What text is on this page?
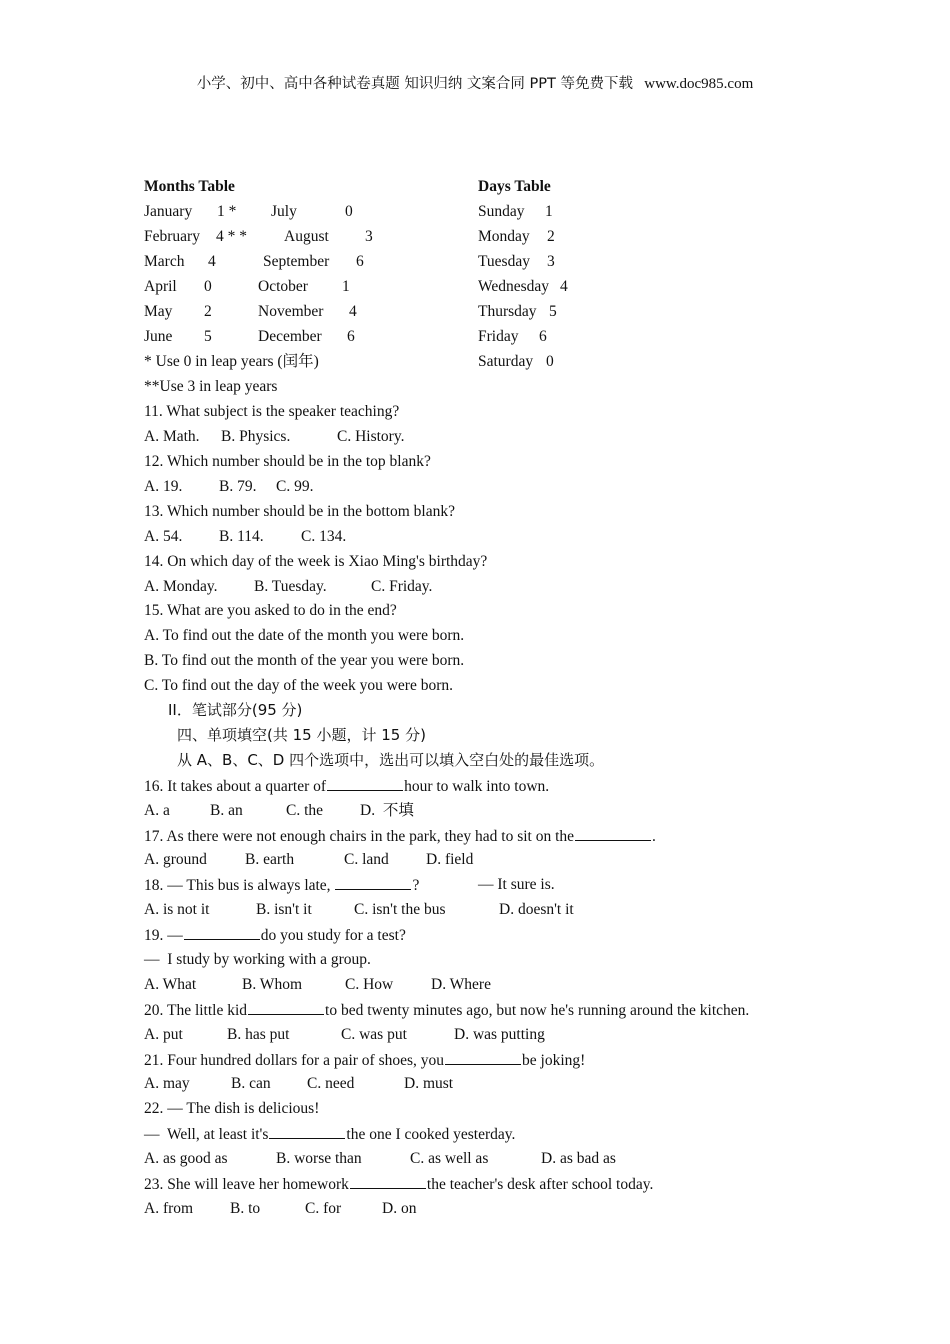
小学、初中、高中各种试卷真题 知识归纳 文案合同 PPT 等免费下载 www.doc985.com
Months Table
January 1 * July	0
February 4 * * August 3
March 4	September 6
April 0	October 1
May 2	November 4
June 5	December 6
Days Table
Sunday 1
Monday 2
Tuesday 3
Wednesday 4
Thursday 5
Friday 6
Saturday 0
* Use 0 in leap years (闰年)
**Use 3 in leap years
11. What subject is the speaker teaching?
A. Math. B. Physics.	C. History.
12. Which number should be in the top blank?
A. 19. B. 79. C. 99.
13. Which number should be in the bottom blank?
A. 54. B. 114. C. 134.
14. On which day of the week is Xiao Ming's birthday?
A. Monday. B. Tuesday.	C. Friday.
15. What are you asked to do in the end?
A. To find out the date of the month you were born.
B. To find out the month of the year you were born.
C. To find out the day of the week you were born.
II．笔试部分(95 分)
四、单项填空(共 15 小题，计 15 分)
从 A、B、C、D 四个选项中，选出可以填入空白处的最佳选项。
16. It takes about a quarter of	hour to walk into town.
A. a	B. an	C. the D.  不填
17. As there were not enough chairs in the park, they had to sit on the	.
A. ground B. earth	C. land D. field
18. — This bus is always late,	?	— It sure is.
A. is not it	B. isn't it	C. isn't the bus	D. doesn't it
19. —	do you study for a test?
—  I study by working with a group.
A. What	B. Whom	C. How D. Where
20. The little kid	to bed twenty minutes ago, but now he's running around the kitchen.
A. put	B. has put	C. was put	D. was putting
21. Four hundred dollars for a pair of shoes, you	be joking!
A. may	B. can C. need	D. must
22. — The dish is delicious!
—  Well, at least it's	the one I cooked yesterday.
A. as good as	B. worse than	C. as well as	D. as bad as
23. She will leave her homework	the teacher's desk after school today.
A. from B. to	C. for	D. on
